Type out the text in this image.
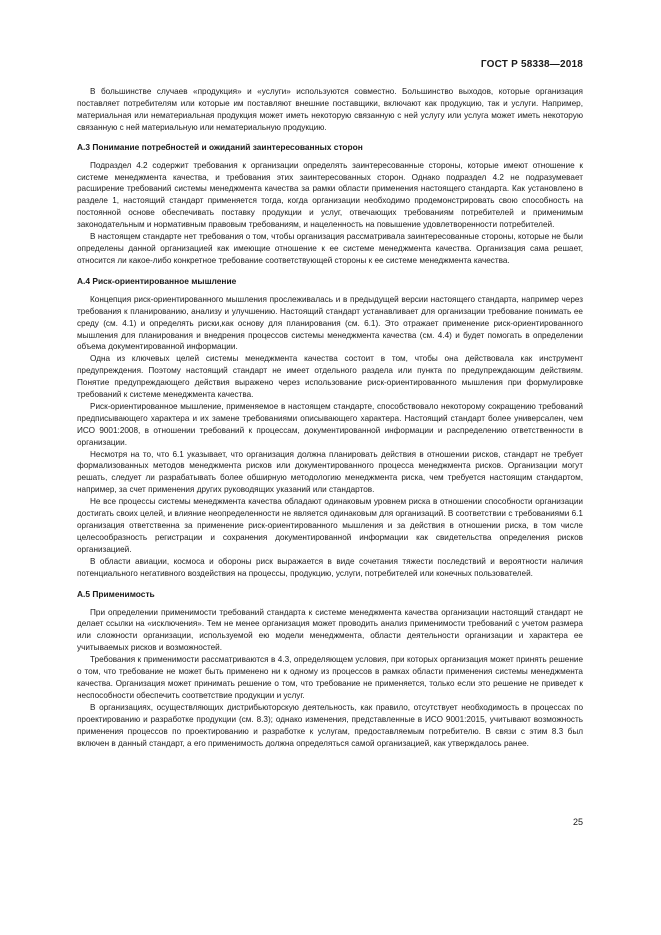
ГОСТ Р 58338—2018

В большинстве случаев «продукция» и «услуги» используются совместно. Большинство выходов, которые организация поставляет потребителям или которые им поставляют внешние поставщики, включают как продукцию, так и услуги. Например, материальная или нематериальная продукция может иметь некоторую связанную с ней услугу или услуга может иметь некоторую связанную с ней материальную или нематериальную продукцию.

А.3 Понимание потребностей и ожиданий заинтересованных сторон

Подраздел 4.2 содержит требования к организации определять заинтересованные стороны, которые имеют отношение к системе менеджмента качества, и требования этих заинтересованных сторон. Однако подраздел 4.2 не подразумевает расширение требований системы менеджмента качества за рамки области применения настоящего стандарта. Как установлено в разделе 1, настоящий стандарт применяется тогда, когда организации необходимо продемонстрировать свою способность на постоянной основе обеспечивать поставку продукции и услуг, отвечающих требованиям потребителей и применимым законодательным и нормативным правовым требованиям, и нацеленность на повышение удовлетворенности потребителей.

В настоящем стандарте нет требования о том, чтобы организация рассматривала заинтересованные стороны, которые не были определены данной организацией как имеющие отношение к ее системе менеджмента качества. Организация сама решает, относится ли какое-либо конкретное требование соответствующей стороны к ее системе менеджмента качества.

А.4 Риск-ориентированное мышление

Концепция риск-ориентированного мышления прослеживалась и в предыдущей версии настоящего стандарта, например через требования к планированию, анализу и улучшению. Настоящий стандарт устанавливает для организации требование понимать ее среду (см. 4.1) и определять риски,как основу для планирования (см. 6.1). Это отражает применение риск-ориентированного мышления для планирования и внедрения процессов системы менеджмента качества (см. 4.4) и будет помогать в определении объема документированной информации.

Одна из ключевых целей системы менеджмента качества состоит в том, чтобы она действовала как инструмент предупреждения. Поэтому настоящий стандарт не имеет отдельного раздела или пункта по предупреждающим действиям. Понятие предупреждающего действия выражено через использование риск-ориентированного мышления при формулировке требований к системе менеджмента качества.

Риск-ориентированное мышление, применяемое в настоящем стандарте, способствовало некоторому сокращению требований предписывающего характера и их замене требованиями описывающего характера. Настоящий стандарт более универсален, чем ИСО 9001:2008, в отношении требований к процессам, документированной информации и распределению ответственности в организации.

Несмотря на то, что 6.1 указывает, что организация должна планировать действия в отношении рисков, стандарт не требует формализованных методов менеджмента рисков или документированного процесса менеджмента рисков. Организации могут решать, следует ли разрабатывать более обширную методологию менеджмента риска, чем требуется настоящим стандартом, например, за счет применения других руководящих указаний или стандартов.

Не все процессы системы менеджмента качества обладают одинаковым уровнем риска в отношении способности организации достигать своих целей, и влияние неопределенности не является одинаковым для организаций. В соответствии с требованиями 6.1 организация ответственна за применение риск-ориентированного мышления и за действия в отношении риска, в том числе целесообразность регистрации и сохранения документированной информации как свидетельства определения рисков организацией.

В области авиации, космоса и обороны риск выражается в виде сочетания тяжести последствий и вероятности наличия потенциального негативного воздействия на процессы, продукцию, услуги, потребителей или конечных пользователей.

А.5 Применимость

При определении применимости требований стандарта к системе менеджмента качества организации настоящий стандарт не делает ссылки на «исключения». Тем не менее организация может проводить анализ применимости требований с учетом размера или сложности организации, используемой ею модели менеджмента, области деятельности организации и характера ее учитываемых рисков и возможностей.

Требования к применимости рассматриваются в 4.3, определяющем условия, при которых организация может принять решение о том, что требование не может быть применено ни к одному из процессов в рамках области применения системы менеджмента качества. Организация может принимать решение о том, что требование не применяется, только если это решение не приведет к неспособности обеспечить соответствие продукции и услуг.

В организациях, осуществляющих дистрибьюторскую деятельность, как правило, отсутствует необходимость в процессах по проектированию и разработке продукции (см. 8.3); однако изменения, представленные в ИСО 9001:2015, учитывают возможность применения процессов по проектированию и разработке к услугам, предоставляемым потребителю. В связи с этим 8.3 был включен в данный стандарт, а его применимость должна определяться самой организацией, как утверждалось ранее.

25
